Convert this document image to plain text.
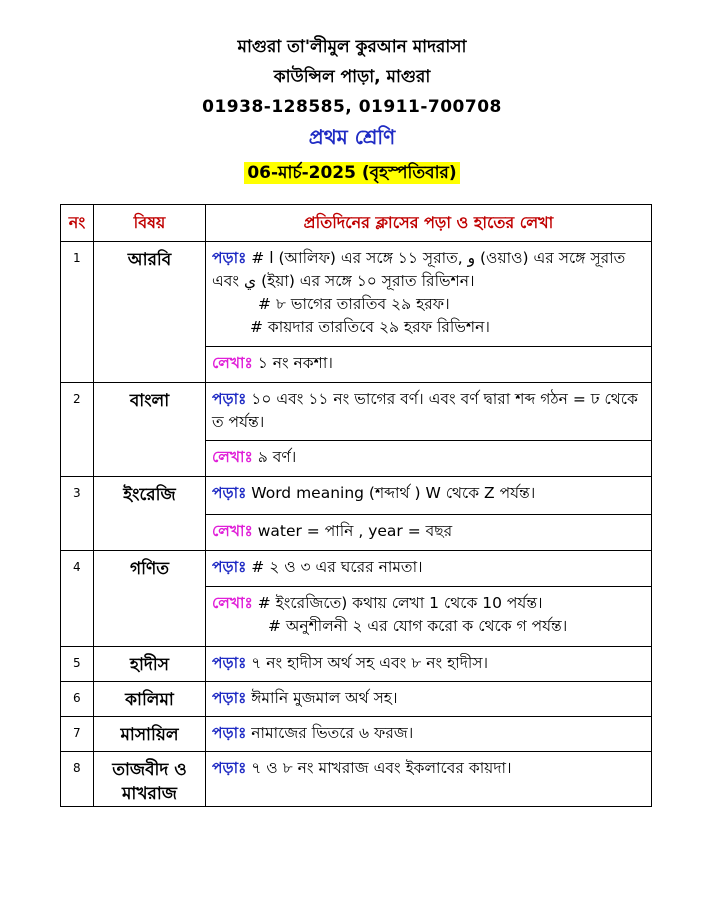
মাগুরা তা'লীমুল কুরআন মাদরাসা
কাউন্সিল পাড়া, মাগুরা
01938-128585, 01911-700708
প্রথম শ্রেণি
06-মার্চ-2025 (বৃহস্পতিবার)
নং	বিষয়	প্রতিদিনের ক্লাসের পড়া ও হাতের লেখা
1	আরবি	পড়াঃ # ا (আলিফ) এর সঙ্গে ১১ সূরাত, و (ওয়াও) এর সঙ্গে সূরাত এবং ي (ইয়া) এর সঙ্গে ১০ সূরাত রিভিশন।
# ৮ ভাগের তারতিব ২৯ হরফ।
# কায়দার তারতিবে ২৯ হরফ রিভিশন।

		লেখাঃ ১ নং নকশা।
2	বাংলা	পড়াঃ ১০ এবং ১১ নং ভাগের বর্ণ। এবং বর্ণ দ্বারা শব্দ গঠন = ঢ থেকে ত পর্যন্ত।
		লেখাঃ ৯ বর্ণ।
3	ইংরেজি	পড়াঃ Word meaning (শব্দার্থ ) W থেকে Z পর্যন্ত।
		লেখাঃ water = পানি , year = বছর
4	গণিত	পড়াঃ # ২ ও ৩ এর ঘরের নামতা।
		লেখাঃ # ইংরেজিতে) কথায় লেখা 1 থেকে 10 পর্যন্ত।
# অনুশীলনী ২ এর যোগ করো ক থেকে গ পর্যন্ত।

5	হাদীস	পড়াঃ ৭ নং হাদীস অর্থ সহ এবং ৮ নং হাদীস।
6	কালিমা	পড়াঃ ঈমানি মুজমাল অর্থ সহ।
7	মাসায়িল	পড়াঃ নামাজের ভিতরে ৬ ফরজ।
8	তাজবীদ ও মাখরাজ	পড়াঃ ৭ ও ৮ নং মাখরাজ এবং ইকলাবের কায়দা।
